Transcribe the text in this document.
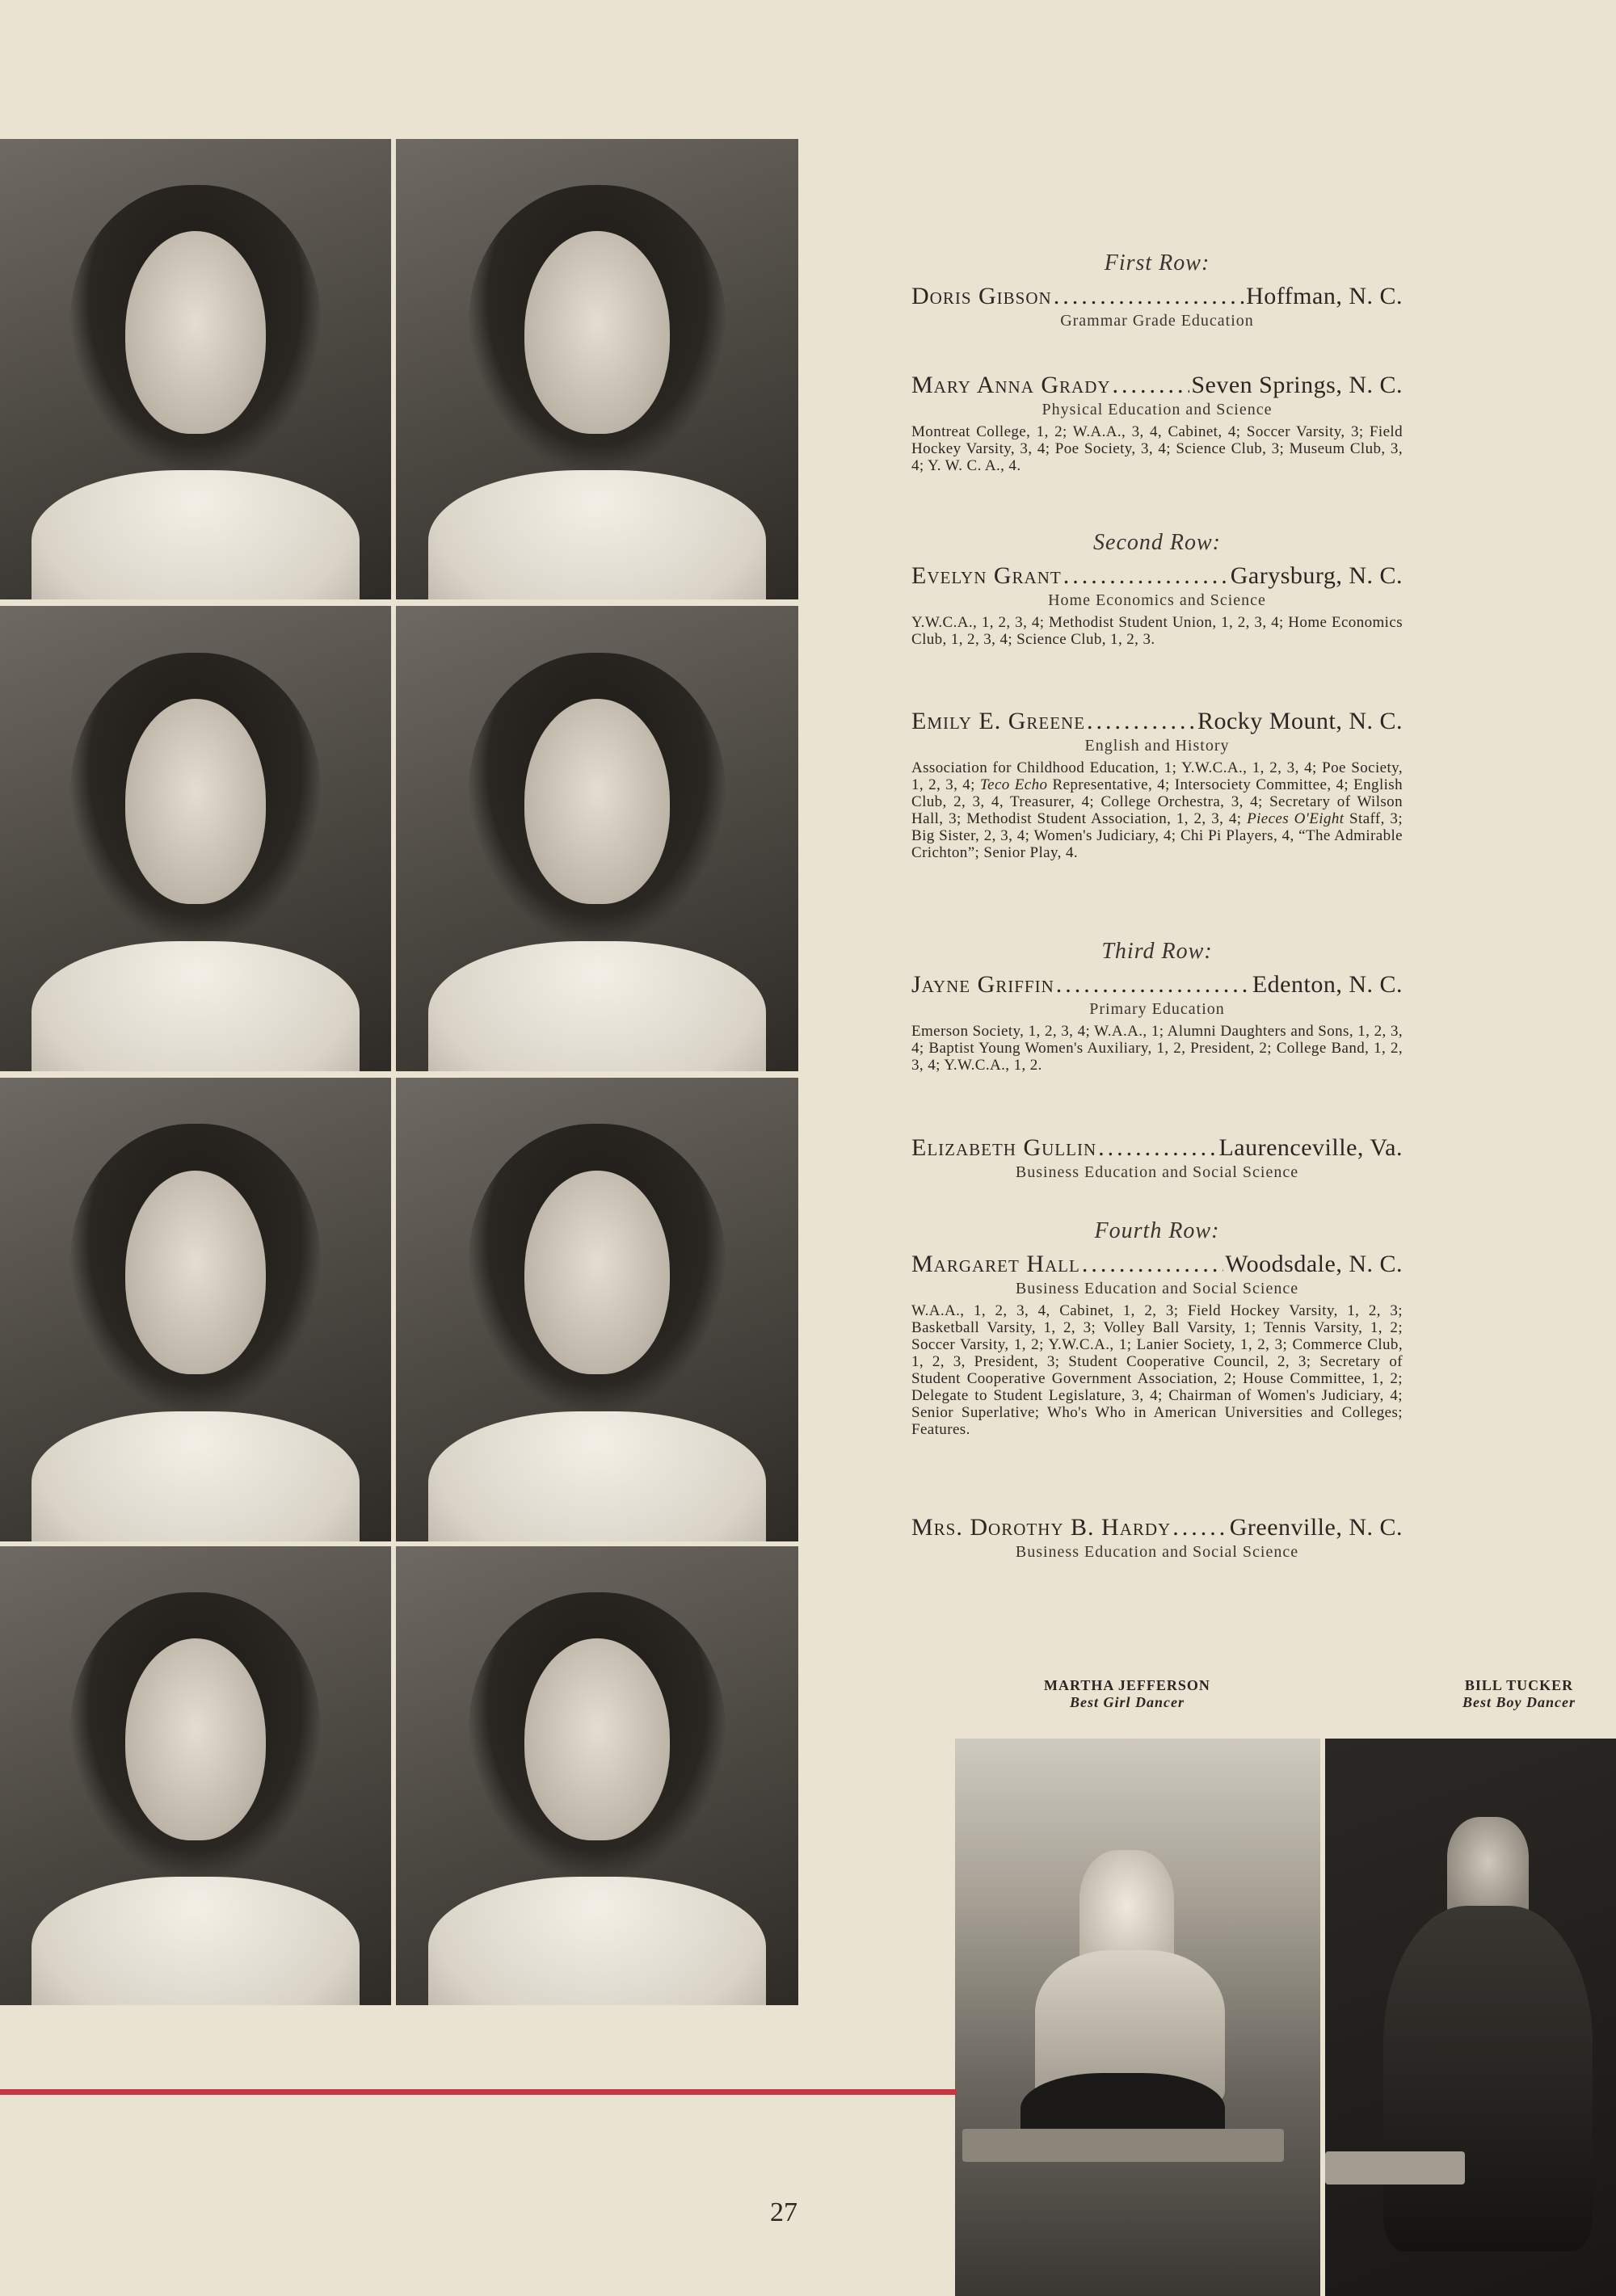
First Row:
Doris Gibson .....	Hoffman, N. C.
Grammar Grade Education
Mary Anna Grady .....	Seven Springs, N. C.
Physical Education and Science
Montreat College, 1, 2; W.A.A., 3, 4, Cabinet, 4; Soccer Varsity, 3; Field Hockey Varsity, 3, 4; Poe Society, 3, 4; Science Club, 3; Museum Club, 3, 4; Y. W. C. A., 4.
Second Row:
Evelyn Grant .....	Garysburg, N. C.
Home Economics and Science
Y.W.C.A., 1, 2, 3, 4; Methodist Student Union, 1, 2, 3, 4; Home Economics Club, 1, 2, 3, 4; Science Club, 1, 2, 3.
Emily E. Greene .....	Rocky Mount, N. C.
English and History
Association for Childhood Education, 1; Y.W.C.A., 1, 2, 3, 4; Poe Society, 1, 2, 3, 4; Teco Echo Representative, 4; Intersociety Committee, 4; English Club, 2, 3, 4, Treasurer, 4; College Orchestra, 3, 4; Secretary of Wilson Hall, 3; Methodist Student Association, 1, 2, 3, 4; Pieces O'Eight Staff, 3; Big Sister, 2, 3, 4; Women's Judiciary, 4; Chi Pi Players, 4, “The Admirable Crichton”; Senior Play, 4.
Third Row:
Jayne Griffin .....	Edenton, N. C.
Primary Education
Emerson Society, 1, 2, 3, 4; W.A.A., 1; Alumni Daughters and Sons, 1, 2, 3, 4; Baptist Young Women's Auxiliary, 1, 2, President, 2; College Band, 1, 2, 3, 4; Y.W.C.A., 1, 2.
Elizabeth Gullin .....	Laurenceville, Va.
Business Education and Social Science
Fourth Row:
Margaret Hall .....	Woodsdale, N. C.
Business Education and Social Science
W.A.A., 1, 2, 3, 4, Cabinet, 1, 2, 3; Field Hockey Varsity, 1, 2, 3; Basketball Varsity, 1, 2, 3; Volley Ball Varsity, 1; Tennis Varsity, 1, 2; Soccer Varsity, 1, 2; Y.W.C.A., 1; Lanier Society, 1, 2, 3; Commerce Club, 1, 2, 3, President, 3; Student Cooperative Council, 2, 3; Secretary of Student Cooperative Government Association, 2; House Committee, 1, 2; Delegate to Student Legislature, 3, 4; Chairman of Women's Judiciary, 4; Senior Superlative; Who's Who in American Universities and Colleges; Features.
Mrs. Dorothy B. Hardy ..... Greenville, N. C.
Business Education and Social Science
MARTHA JEFFERSON
Best Girl Dancer
BILL TUCKER
Best Boy Dancer
27
